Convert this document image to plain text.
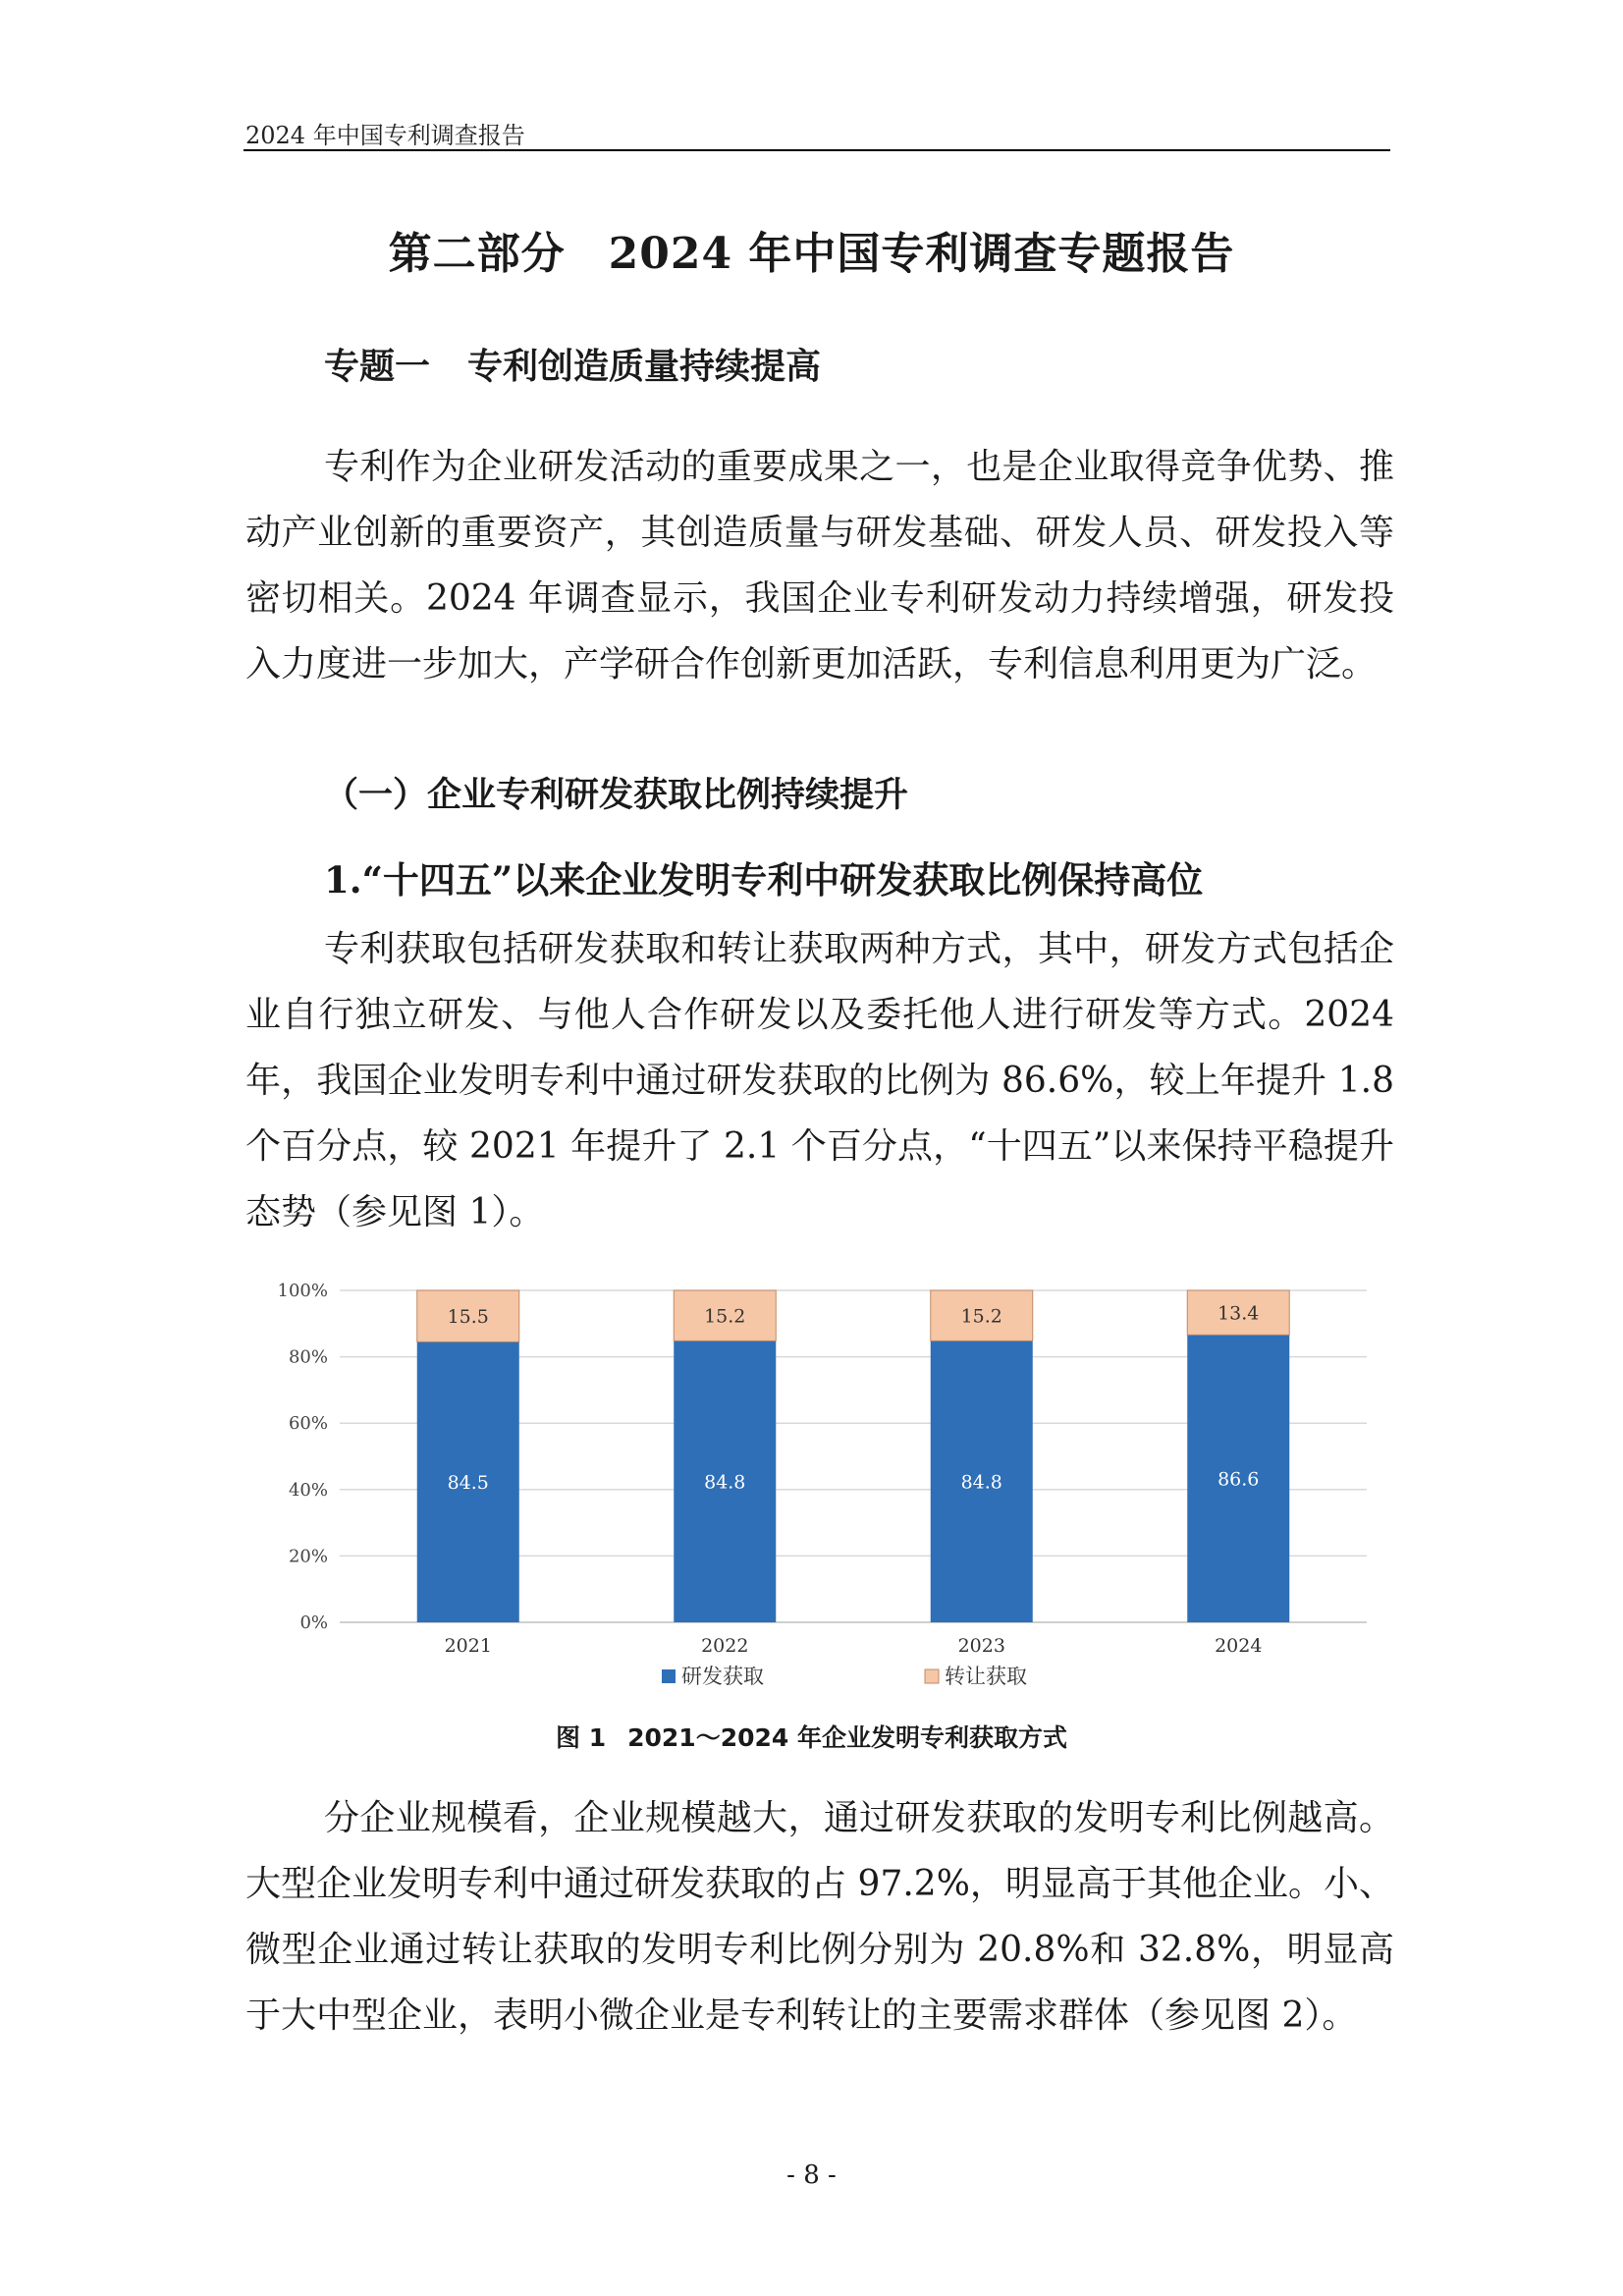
2024 年中国专利调查报告
第二部分 2024 年中国专利调查专题报告
专题一 专利创造质量持续提高

专利作为企业研发活动的重要成果之一，也是企业取得竞争优势、推动产业创新的重要资产，其创造质量与研发基础、研发人员、研发投入等密切相关。2024 年调查显示，我国企业专利研发动力持续增强，研发投入力度进一步加大，产学研合作创新更加活跃，专利信息利用更为广泛。

（一）企业专利研发获取比例持续提升
1.“十四五”以来企业发明专利中研发获取比例保持高位

专利获取包括研发获取和转让获取两种方式，其中，研发方式包括企业自行独立研发、与他人合作研发以及委托他人进行研发等方式。2024 年，我国企业发明专利中通过研发获取的比例为 86.6%，较上年提升 1.8 个百分点，较 2021 年提升了 2.1 个百分点，“十四五”以来保持平稳提升态势（参见图 1）。

0%
20%
40%
60%
80%
100%
84.5
15.5
2021
84.8
15.2
2022
84.8
15.2
2023
86.6
13.4
2024
研发获取	转让获取
图 1 2021～2024 年企业发明专利获取方式

分企业规模看，企业规模越大，通过研发获取的发明专利比例越高。大型企业发明专利中通过研发获取的占 97.2%，明显高于其他企业。小、微型企业通过转让获取的发明专利比例分别为 20.8%和 32.8%，明显高于大中型企业，表明小微企业是专利转让的主要需求群体（参见图 2）。

- 8 -
